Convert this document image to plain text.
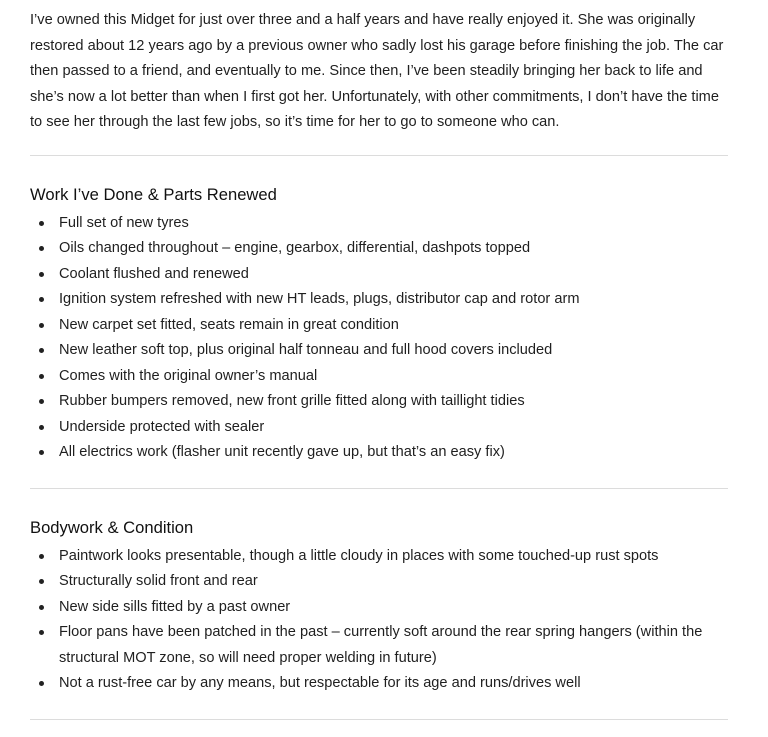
I’ve owned this Midget for just over three and a half years and have really enjoyed it. She was originally restored about 12 years ago by a previous owner who sadly lost his garage before finishing the job. The car then passed to a friend, and eventually to me. Since then, I’ve been steadily bringing her back to life and she’s now a lot better than when I first got her. Unfortunately, with other commitments, I don’t have the time to see her through the last few jobs, so it’s time for her to go to someone who can.

Work I’ve Done & Parts Renewed
Full set of new tyres
Oils changed throughout – engine, gearbox, differential, dashpots topped
Coolant flushed and renewed
Ignition system refreshed with new HT leads, plugs, distributor cap and rotor arm
New carpet set fitted, seats remain in great condition
New leather soft top, plus original half tonneau and full hood covers included
Comes with the original owner’s manual
Rubber bumpers removed, new front grille fitted along with taillight tidies
Underside protected with sealer
All electrics work (flasher unit recently gave up, but that’s an easy fix)
Bodywork & Condition
Paintwork looks presentable, though a little cloudy in places with some touched-up rust spots
Structurally solid front and rear
New side sills fitted by a past owner
Floor pans have been patched in the past – currently soft around the rear spring hangers (within the structural MOT zone, so will need proper welding in future)
Not a rust-free car by any means, but respectable for its age and runs/drives well
